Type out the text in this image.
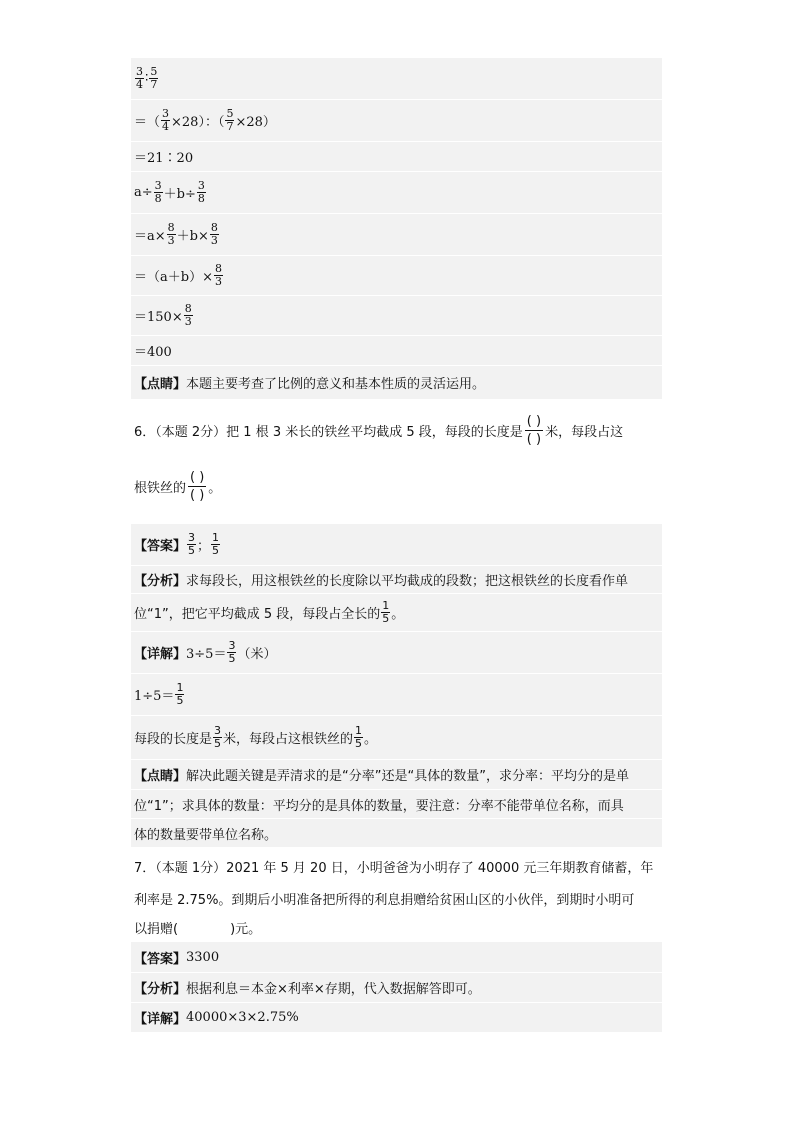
$\frac{3}{4}$ ∶ $\frac{5}{7}$
＝（ $\frac{3}{4} \times 28$）：（ $\frac{5}{7} \times 28$）
＝21∶20
$a\div \frac{3}{8} +b\div \frac{3}{8}$
$=a\times \frac{8}{3} +b\times \frac{8}{3}$
$=(a+b)\times \frac{8}{3}$
$=150\times \frac{8}{3}$
＝400
【点睛】 本题主要考查了比例的意义和基本性质的灵活运用。
6．（本题 2分）把 1 根 3 米长的铁丝平均截成 5 段，每段的长度是 $\frac{( )}{( )}$ 米，每段占这
根铁丝的 $\frac{( )}{( )}$ 。
【答案】 $\frac{3}{5}$ ； $\frac{1}{5}$
【分析】 求每段长，用这根铁丝的长度除以平均截成的段数；把这根铁丝的长度看作单
位“1”，把它平均截成 5 段，每段占全长的 $\frac{1}{5}$ 。
【详解】 $3\div 5= \frac{3}{5}$ （米）
$1\div 5= \frac{1}{5}$
每段的长度是 $\frac{3}{5}$ 米，每段占这根铁丝的 $\frac{1}{5}$ 。
【点睛】 解决此题关键是弄清求的是“分率”还是“具体的数量”，求分率：平均分的是单
位“1”；求具体的数量：平均分的是具体的数量，要注意：分率不能带单位名称，而具
体的数量要带单位名称。
7．（本题 1分）2021 年 5 月 20 日，小明爸爸为小明存了 40000 元三年期教育储蓄，年
利率是 2.75%。到期后小明准备把所得的利息捐赠给贫困山区的小伙伴，到期时小明可
以捐赠(	)元。
【答案】 3300
【分析】 根据利息＝本金×利率×存期，代入数据解答即可。
【详解】 40000×3×2.75%
